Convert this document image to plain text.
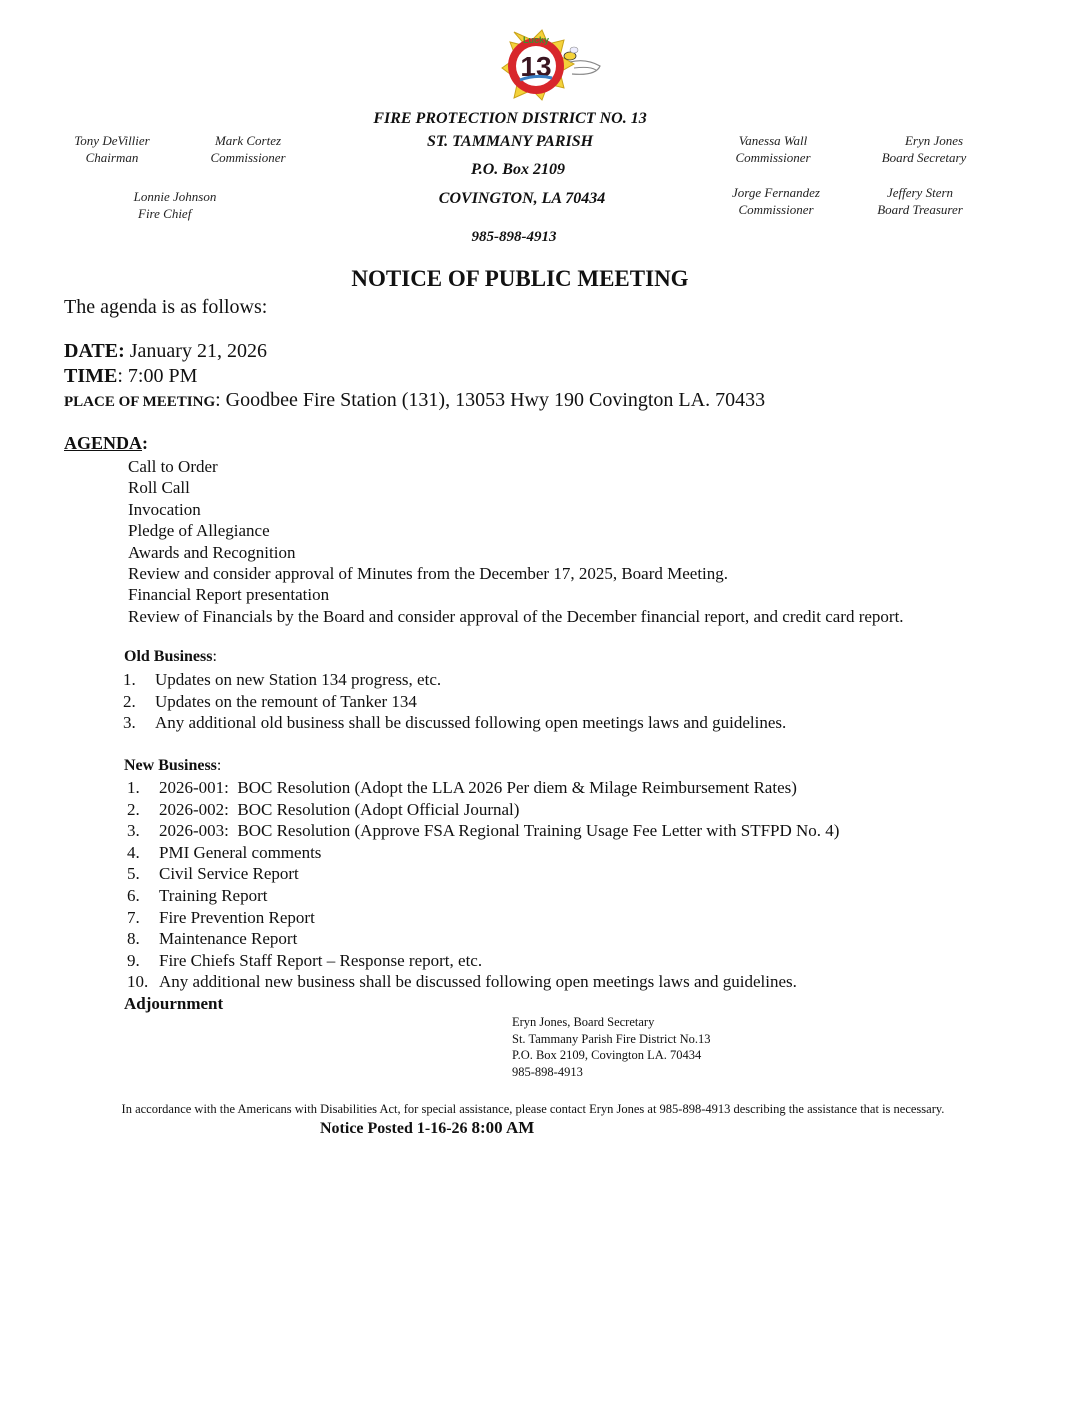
13
Lucky
FIRE PROTECTION DISTRICT NO. 13
ST. TAMMANY PARISH
P.O. Box 2109
COVINGTON, LA 70434
985-898-4913
Tony DeVillier
Chairman
Mark Cortez
Commissioner
Lonnie Johnson
Fire Chief
Vanessa Wall
Commissioner
Eryn Jones
Board Secretary
Jorge Fernandez
Commissioner
Jeffery Stern
Board Treasurer
NOTICE OF PUBLIC MEETING
The agenda is as follows:
DATE: January 21, 2026
TIME: 7:00 PM
PLACE OF MEETING: Goodbee Fire Station (131), 13053 Hwy 190 Covington LA. 70433
AGENDA:
Call to Order
Roll Call
Invocation
Pledge of Allegiance
Awards and Recognition
Review and consider approval of Minutes from the December 17, 2025, Board Meeting.
Financial Report presentation
Review of Financials by the Board and consider approval of the December financial report, and credit card report.
Old Business:
1.	Updates on new Station 134 progress, etc.
2.	Updates on the remount of Tanker 134
3.	Any additional old business shall be discussed following open meetings laws and guidelines.
New Business:
1.	2026-001:  BOC Resolution (Adopt the LLA 2026 Per diem & Milage Reimbursement Rates)
2.	2026-002:  BOC Resolution (Adopt Official Journal)
3.	2026-003:  BOC Resolution (Approve FSA Regional Training Usage Fee Letter with STFPD No. 4)
4.	PMI General comments
5.	Civil Service Report
6.	Training Report
7.	Fire Prevention Report
8.	Maintenance Report
9.	Fire Chiefs Staff Report – Response report, etc.
10. Any additional new business shall be discussed following open meetings laws and guidelines.
Adjournment
Eryn Jones, Board Secretary
St. Tammany Parish Fire District No.13
P.O. Box 2109, Covington LA. 70434
985-898-4913
In accordance with the Americans with Disabilities Act, for special assistance, please contact Eryn Jones at 985-898-4913 describing the assistance that is necessary.
Notice Posted 1-16-26 8:00 AM
